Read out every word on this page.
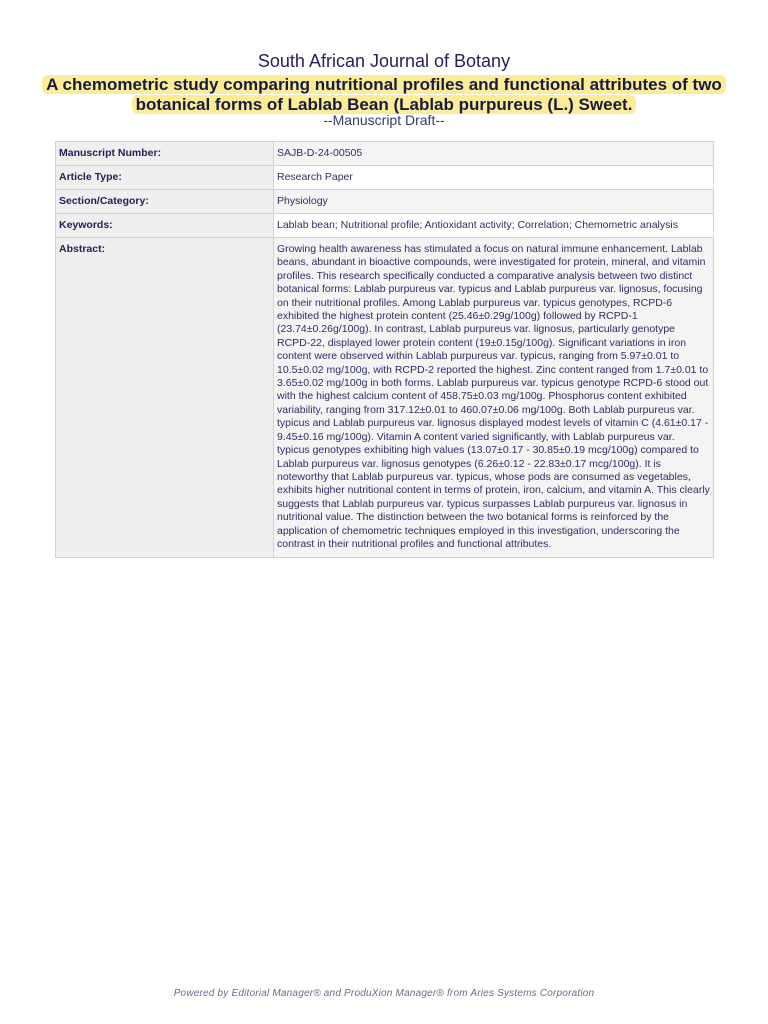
South African Journal of Botany
A chemometric study comparing nutritional profiles and functional attributes of two botanical forms of Lablab Bean (Lablab purpureus (L.) Sweet.
--Manuscript Draft--
Manuscript Number:	SAJB-D-24-00505
Article Type:	Research Paper
Section/Category:	Physiology
Keywords:	Lablab bean; Nutritional profile; Antioxidant activity; Correlation; Chemometric analysis
Abstract:	Growing health awareness has stimulated a focus on natural immune enhancement. Lablab beans, abundant in bioactive compounds, were investigated for protein, mineral, and vitamin profiles. This research specifically conducted a comparative analysis between two distinct botanical forms: Lablab purpureus var. typicus and Lablab purpureus var. lignosus, focusing on their nutritional profiles. Among Lablab purpureus var. typicus genotypes, RCPD-6 exhibited the highest protein content (25.46±0.29g/100g) followed by RCPD-1 (23.74±0.26g/100g). In contrast, Lablab purpureus var. lignosus, particularly genotype RCPD-22, displayed lower protein content (19±0.15g/100g). Significant variations in iron content were observed within Lablab purpureus var. typicus, ranging from 5.97±0.01 to 10.5±0.02 mg/100g, with RCPD-2 reported the highest. Zinc content ranged from 1.7±0.01 to 3.65±0.02 mg/100g in both forms. Lablab purpureus var. typicus genotype RCPD-6 stood out with the highest calcium content of 458.75±0.03 mg/100g. Phosphorus content exhibited variability, ranging from 317.12±0.01 to 460.07±0.06 mg/100g. Both Lablab purpureus var. typicus and Lablab purpureus var. lignosus displayed modest levels of vitamin C (4.61±0.17 - 9.45±0.16 mg/100g). Vitamin A content varied significantly, with Lablab purpureus var. typicus genotypes exhibiting high values (13.07±0.17 - 30.85±0.19 mcg/100g) compared to Lablab purpureus var. lignosus genotypes (6.26±0.12 - 22.83±0.17 mcg/100g). It is noteworthy that Lablab purpureus var. typicus, whose pods are consumed as vegetables, exhibits higher nutritional content in terms of protein, iron, calcium, and vitamin A. This clearly suggests that Lablab purpureus var. typicus surpasses Lablab purpureus var. lignosus in nutritional value. The distinction between the two botanical forms is reinforced by the application of chemometric techniques employed in this investigation, underscoring the contrast in their nutritional profiles and functional attributes.
Powered by Editorial Manager® and ProduXion Manager® from Aries Systems Corporation
